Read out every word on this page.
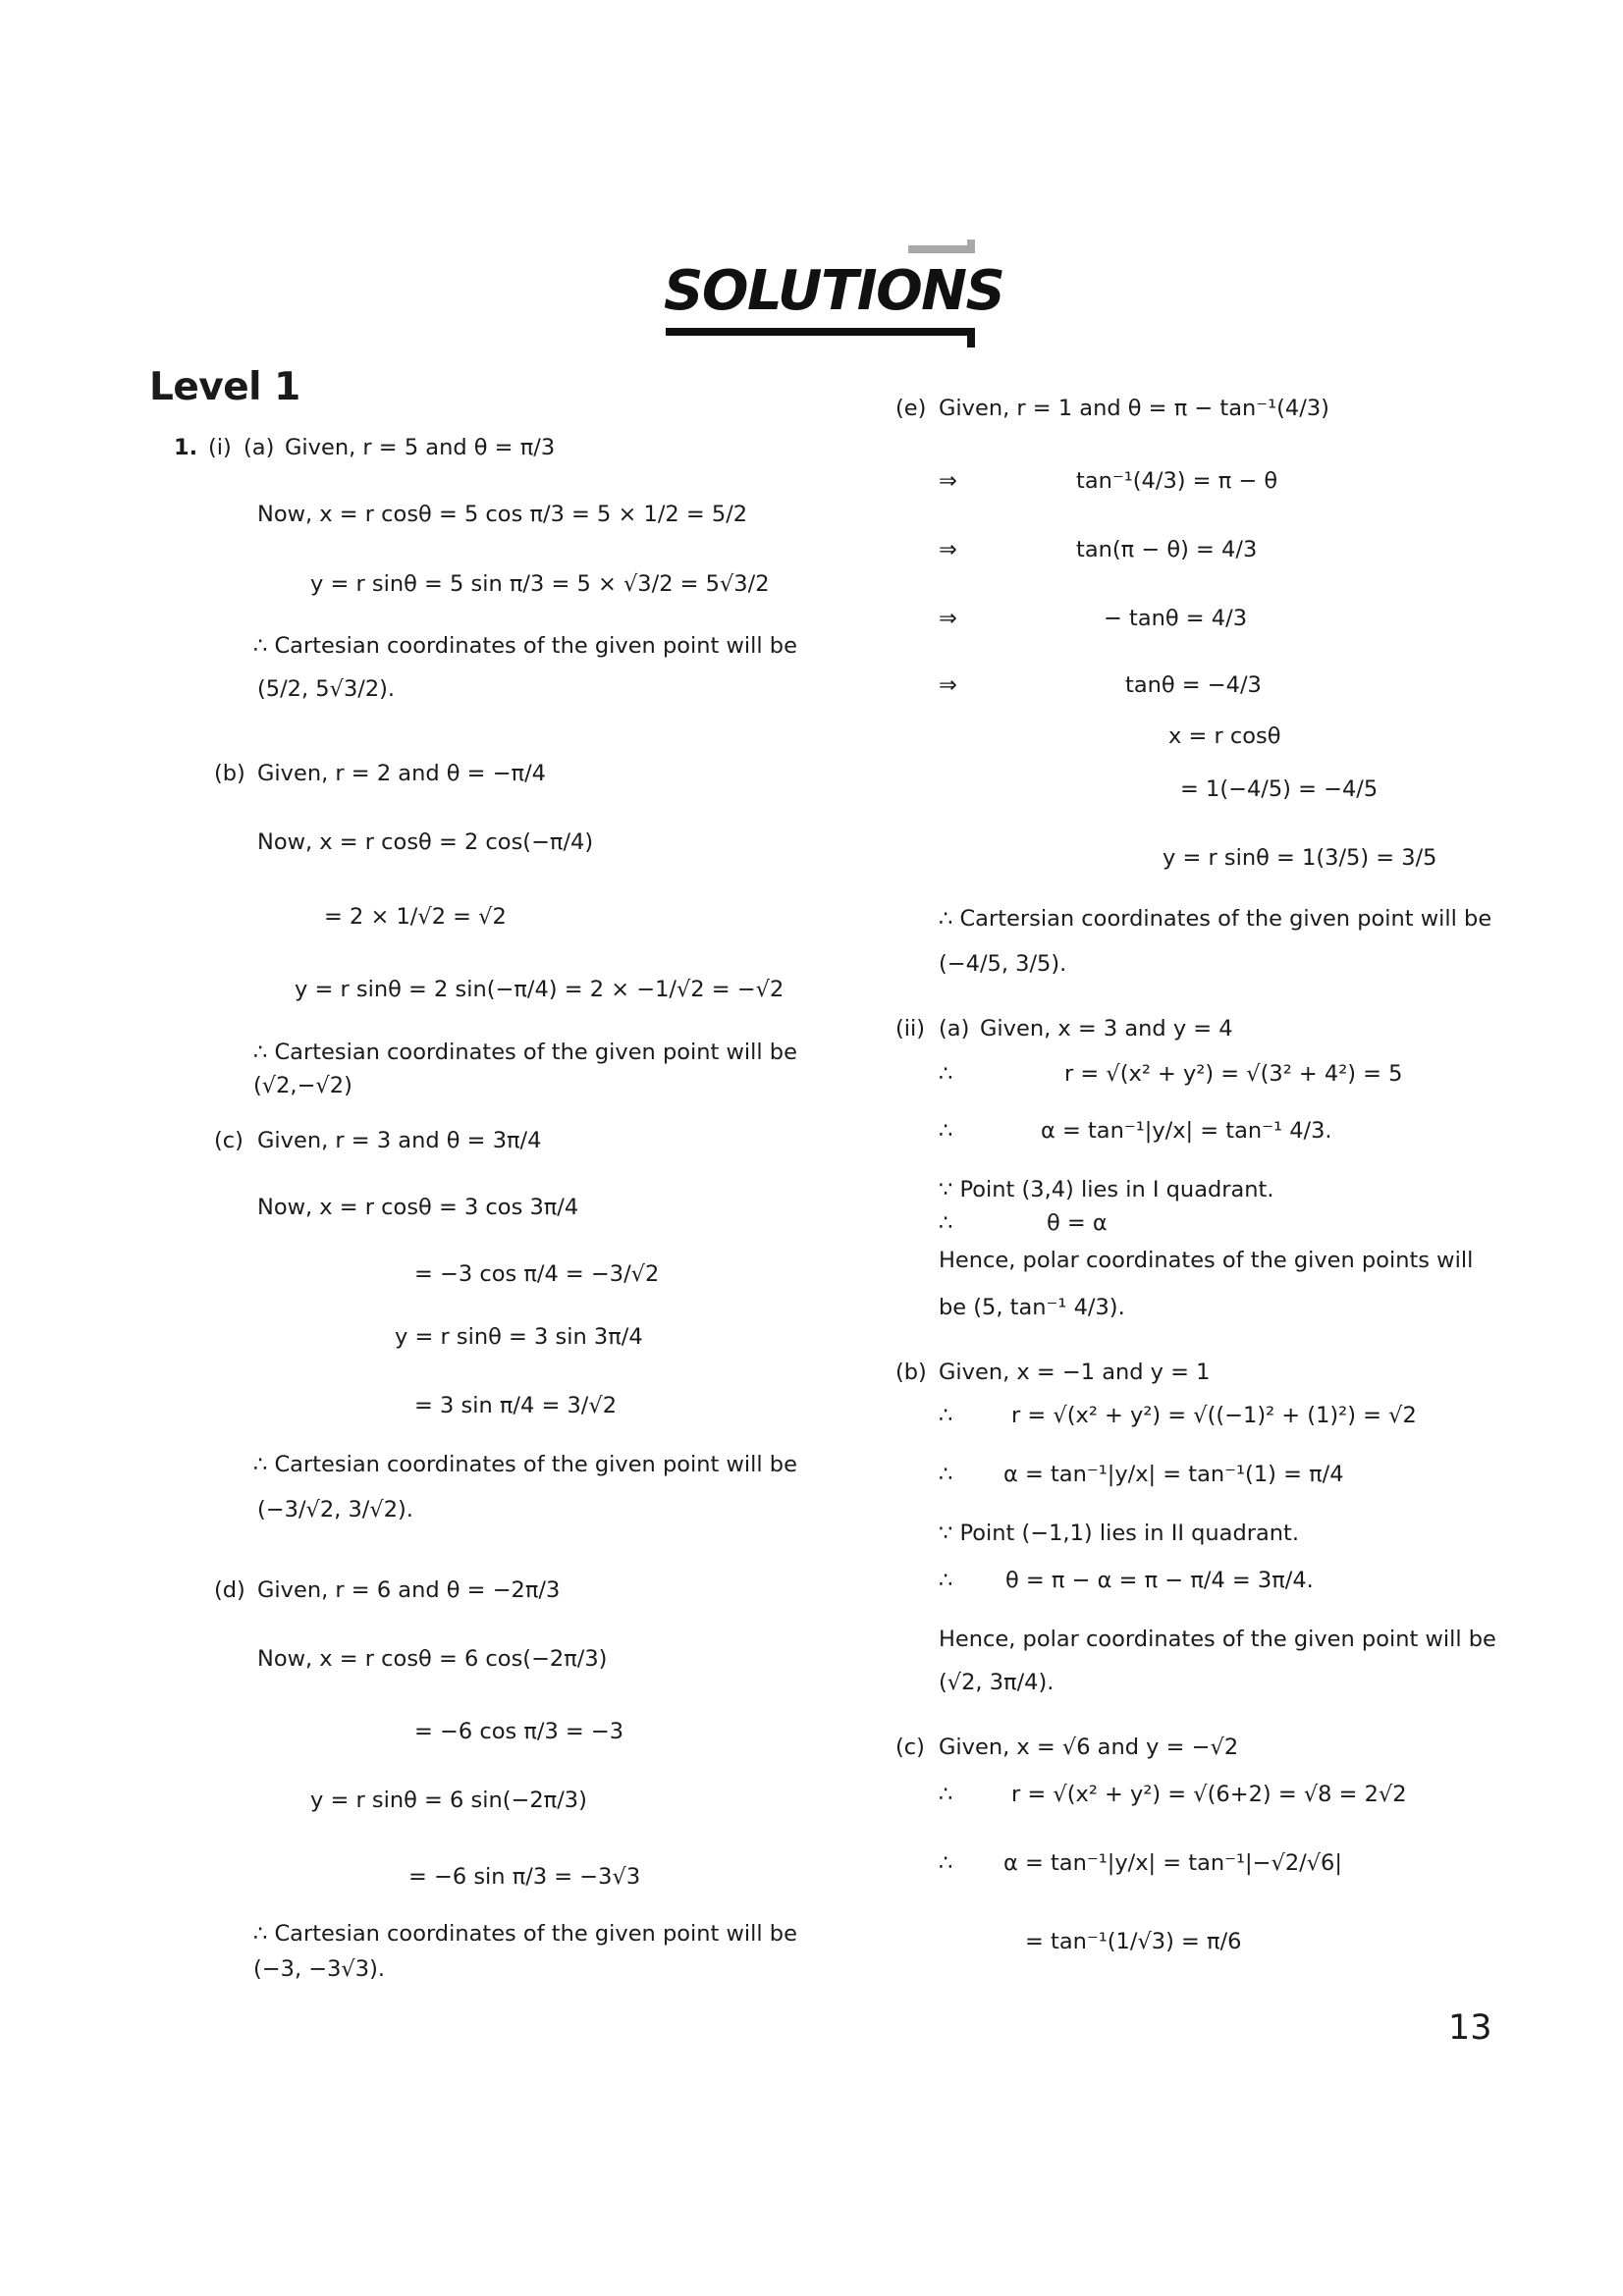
SOLUTIONS
Level 1
1. (i) (a) Given, r = 5 and θ = π/3
Now, x = r cosθ = 5 cos π/3 = 5 × 1/2 = 5/2
y = r sinθ = 5 sin π/3 = 5 × √3/2 = 5√3/2
∴ Cartesian coordinates of the given point will be
(5/2, 5√3/2).
(b) Given, r = 2 and θ = −π/4
Now, x = r cosθ = 2 cos(−π/4)
= 2 × 1/√2 = √2
y = r sinθ = 2 sin(−π/4) = 2 × −1/√2 = −√2
∴ Cartesian coordinates of the given point will be
(√2,−√2)
(c) Given, r = 3 and θ = 3π/4
Now, x = r cosθ = 3 cos 3π/4
= −3 cos π/4 = −3/√2
y = r sinθ = 3 sin 3π/4
= 3 sin π/4 = 3/√2
∴ Cartesian coordinates of the given point will be
(−3/√2, 3/√2).
(d) Given, r = 6 and θ = −2π/3
Now, x = r cosθ = 6 cos(−2π/3)
= −6 cos π/3 = −3
y = r sinθ = 6 sin(−2π/3)
= −6 sin π/3 = −3√3
∴ Cartesian coordinates of the given point will be
(−3, −3√3).
(e) Given, r = 1 and θ = π − tan⁻¹(4/3)
⇒	tan⁻¹(4/3) = π − θ
⇒	tan(π − θ) = 4/3
⇒	− tanθ = 4/3
⇒	tanθ = −4/3
x = r cosθ
= 1(−4/5) = −4/5
y = r sinθ = 1(3/5) = 3/5
∴ Cartersian coordinates of the given point will be
(−4/5, 3/5).
(ii) (a) Given, x = 3 and y = 4
∴	r = √(x² + y²) = √(3² + 4²) = 5
∴	α = tan⁻¹|y/x| = tan⁻¹ 4/3.
∵ Point (3,4) lies in I quadrant.
∴	θ = α
Hence, polar coordinates of the given points will
be (5, tan⁻¹ 4/3).
(b) Given, x = −1 and y = 1
∴	r = √(x² + y²) = √((−1)² + (1)²) = √2
∴ α = tan⁻¹|y/x| = tan⁻¹(1) = π/4
∵ Point (−1,1) lies in II quadrant.
∴ θ = π − α = π − π/4 = 3π/4.
Hence, polar coordinates of the given point will be
(√2, 3π/4).
(c) Given, x = √6 and y = −√2
∴	r = √(x² + y²) = √(6+2) = √8 = 2√2
∴ α = tan⁻¹|y/x| = tan⁻¹|−√2/√6|
= tan⁻¹(1/√3) = π/6
13
